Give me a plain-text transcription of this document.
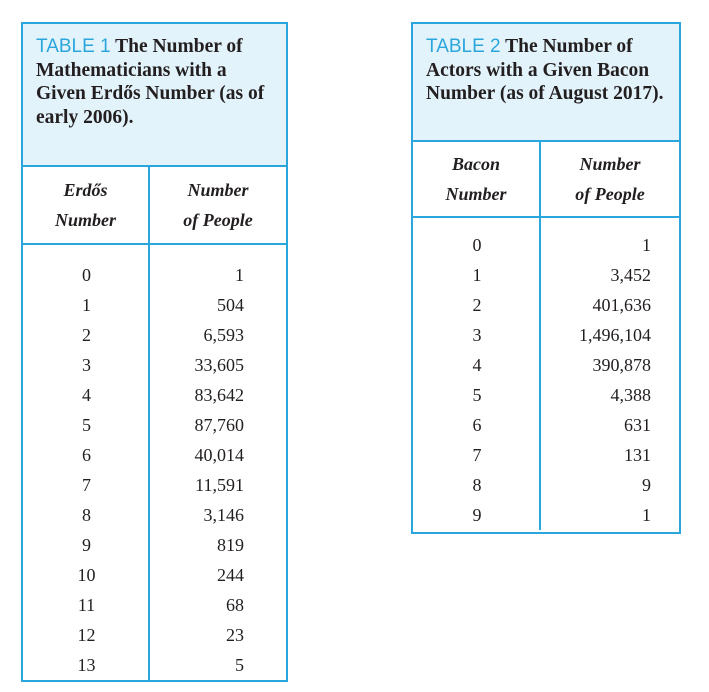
TABLE 1 The Number of Mathematicians with a Given Erdős Number (as of early 2006).
Erdős
Number
Number
of People
0	1
1	504
2	6,593
3	33,605
4	83,642
5	87,760
6	40,014
7	11,591
8	3,146
9	819
10	244
11	68
12	23
13	5
TABLE 2 The Number of Actors with a Given Bacon Number (as of August 2017).
Bacon
Number
Number
of People
0	1
1	3,452
2	401,636
3	1,496,104
4	390,878
5	4,388
6	631
7	131
8	9
9	1
